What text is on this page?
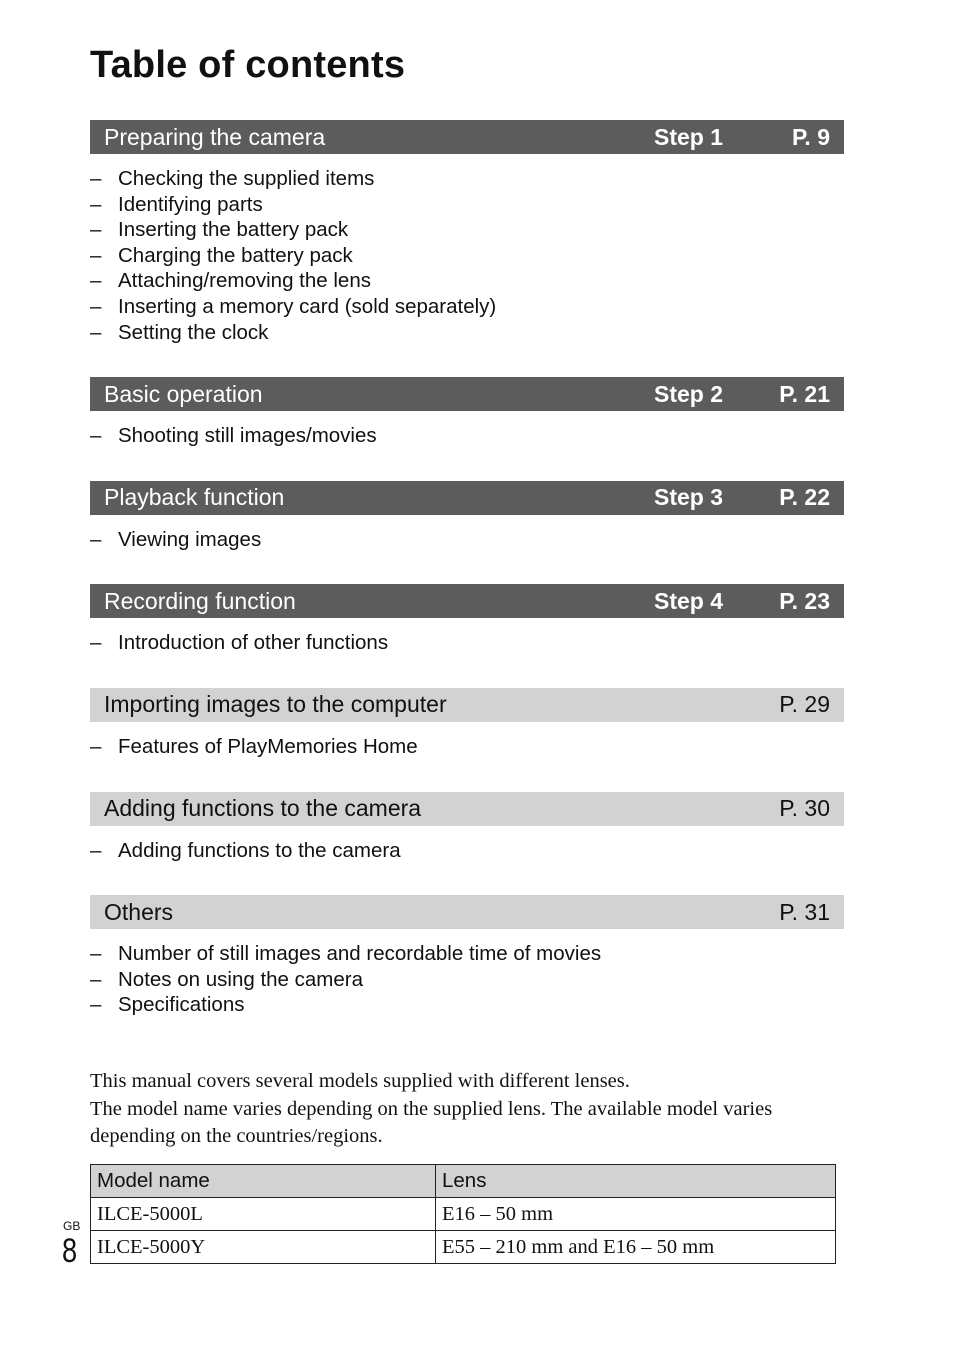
Table of contents
Preparing the camera	Step 1	P. 9
– Checking the supplied items
– Identifying parts
– Inserting the battery pack
– Charging the battery pack
– Attaching/removing the lens
– Inserting a memory card (sold separately)
– Setting the clock
Basic operation	Step 2	P. 21
– Shooting still images/movies
Playback function	Step 3	P. 22
– Viewing images
Recording function	Step 4	P. 23
– Introduction of other functions
Importing images to the computer	P. 29
– Features of PlayMemories Home
Adding functions to the camera	P. 30
– Adding functions to the camera
Others	P. 31
– Number of still images and recordable time of movies
– Notes on using the camera
– Specifications

This manual covers several models supplied with different lenses.

The model name varies depending on the supplied lens. The available model varies depending on the countries/regions.

Model name	Lens
ILCE-5000L	E16 – 50 mm
ILCE-5000Y	E55 – 210 mm and E16 – 50 mm
GB
8
